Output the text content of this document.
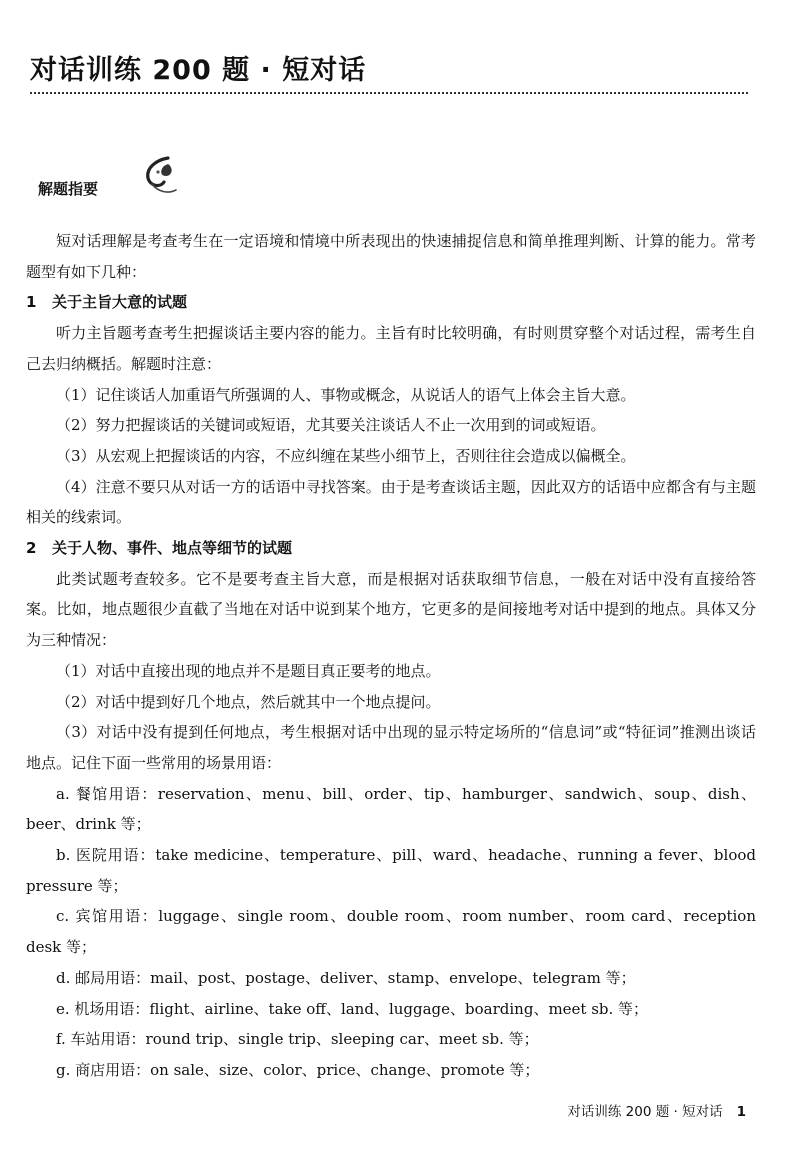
对话训练 200 题 · 短对话
解题指要

短对话理解是考查考生在一定语境和情境中所表现出的快速捕捉信息和简单推理判断、计算的能力。常考题型有如下几种：

1 关于主旨大意的试题

听力主旨题考查考生把握谈话主要内容的能力。主旨有时比较明确，有时则贯穿整个对话过程，需考生自己去归纳概括。解题时注意：

（1）记住谈话人加重语气所强调的人、事物或概念，从说话人的语气上体会主旨大意。

（2）努力把握谈话的关键词或短语，尤其要关注谈话人不止一次用到的词或短语。

（3）从宏观上把握谈话的内容，不应纠缠在某些小细节上，否则往往会造成以偏概全。

（4）注意不要只从对话一方的话语中寻找答案。由于是考查谈话主题，因此双方的话语中应都含有与主题相关的线索词。

2 关于人物、事件、地点等细节的试题

此类试题考查较多。它不是要考查主旨大意，而是根据对话获取细节信息，一般在对话中没有直接给答案。比如，地点题很少直截了当地在对话中说到某个地方，它更多的是间接地考对话中提到的地点。具体又分为三种情况：

（1）对话中直接出现的地点并不是题目真正要考的地点。

（2）对话中提到好几个地点，然后就其中一个地点提问。

（3）对话中没有提到任何地点，考生根据对话中出现的显示特定场所的“信息词”或“特征词”推测出谈话地点。记住下面一些常用的场景用语：

a. 餐馆用语：reservation、menu、bill、order、tip、hamburger、sandwich、soup、dish、beer、drink 等；

b. 医院用语：take medicine、temperature、pill、ward、headache、running a fever、blood pressure 等；

c. 宾馆用语：luggage、single room、double room、room number、room card、reception desk 等；

d. 邮局用语：mail、post、postage、deliver、stamp、envelope、telegram 等；

e. 机场用语：flight、airline、take off、land、luggage、boarding、meet sb. 等；

f. 车站用语：round trip、single trip、sleeping car、meet sb. 等；

g. 商店用语：on sale、size、color、price、change、promote 等；

对话训练 200 题 · 短对话 1
